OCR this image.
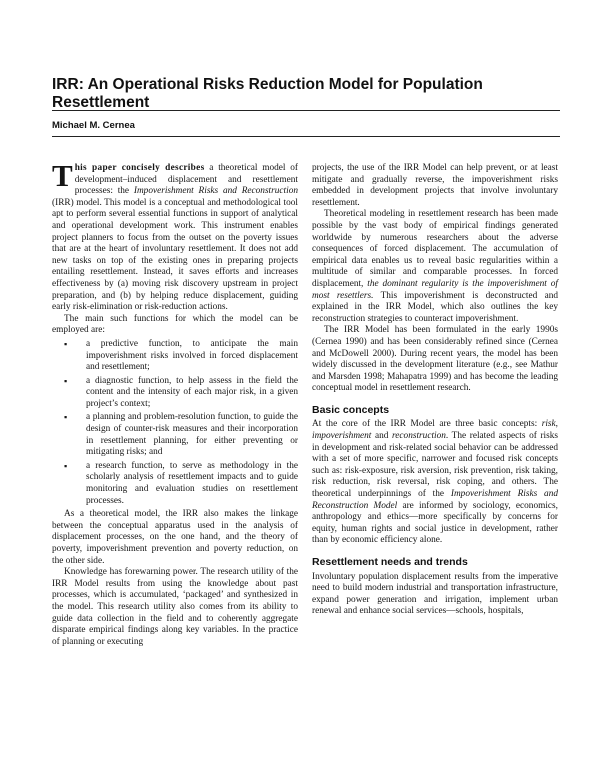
IRR: An Operational Risks Reduction Model for Population Resettlement
Michael M. Cernea

This paper concisely describes a theoretical model of development–induced displacement and resettlement processes: the Impoverishment Risks and Reconstruction (IRR) model. This model is a conceptual and methodological tool apt to perform several essential functions in support of analytical and operational development work. This instrument enables project planners to focus from the outset on the poverty issues that are at the heart of involuntary resettlement. It does not add new tasks on top of the existing ones in preparing projects entailing resettlement. Instead, it saves efforts and increases effectiveness by (a) moving risk discovery upstream in project preparation, and (b) by helping reduce displacement, guiding early risk-elimination or risk-reduction actions.

The main such functions for which the model can be employed are:

▪ a predictive function, to anticipate the main impoverishment risks involved in forced displacement and resettlement;
▪ a diagnostic function, to help assess in the field the content and the intensity of each major risk, in a given project’s context;
▪ a planning and problem-resolution function, to guide the design of counter-risk measures and their incorporation in resettlement planning, for either preventing or mitigating risks; and
▪ a research function, to serve as methodology in the scholarly analysis of resettlement impacts and to guide monitoring and evaluation studies on resettlement processes.

As a theoretical model, the IRR also makes the linkage between the conceptual apparatus used in the analysis of displacement processes, on the one hand, and the theory of poverty, impoverishment prevention and poverty reduction, on the other side.

Knowledge has forewarning power. The research utility of the IRR Model results from using the knowledge about past processes, which is accumulated, ‘packaged’ and synthesized in the model. This research utility also comes from its ability to guide data collection in the field and to coherently aggregate disparate empirical findings along key variables. In the practice of planning or executing

projects, the use of the IRR Model can help prevent, or at least mitigate and gradually reverse, the impoverishment risks embedded in development projects that involve involuntary resettlement.

Theoretical modeling in resettlement research has been made possible by the vast body of empirical findings generated worldwide by numerous researchers about the adverse consequences of forced displacement. The accumulation of empirical data enables us to reveal basic regularities within a multitude of similar and comparable processes. In forced displacement, the dominant regularity is the impoverishment of most resettlers. This impoverishment is deconstructed and explained in the IRR Model, which also outlines the key reconstruction strategies to counteract impoverishment.

The IRR Model has been formulated in the early 1990s (Cernea 1990) and has been considerably refined since (Cernea and McDowell 2000). During recent years, the model has been widely discussed in the development literature (e.g., see Mathur and Marsden 1998; Mahapatra 1999) and has become the leading conceptual model in resettlement research.

Basic concepts

At the core of the IRR Model are three basic concepts: risk, impoverishment and reconstruction. The related aspects of risks in development and risk-related social behavior can be addressed with a set of more specific, narrower and focused risk concepts such as: risk-exposure, risk aversion, risk prevention, risk taking, risk reduction, risk reversal, risk coping, and others. The theoretical underpinnings of the Impoverishment Risks and Reconstruction Model are informed by sociology, economics, anthropology and ethics—more specifically by concerns for equity, human rights and social justice in development, rather than by economic efficiency alone.

Resettlement needs and trends

Involuntary population displacement results from the imperative need to build modern industrial and transportation infrastructure, expand power generation and irrigation, implement urban renewal and enhance social services—schools, hospitals,
